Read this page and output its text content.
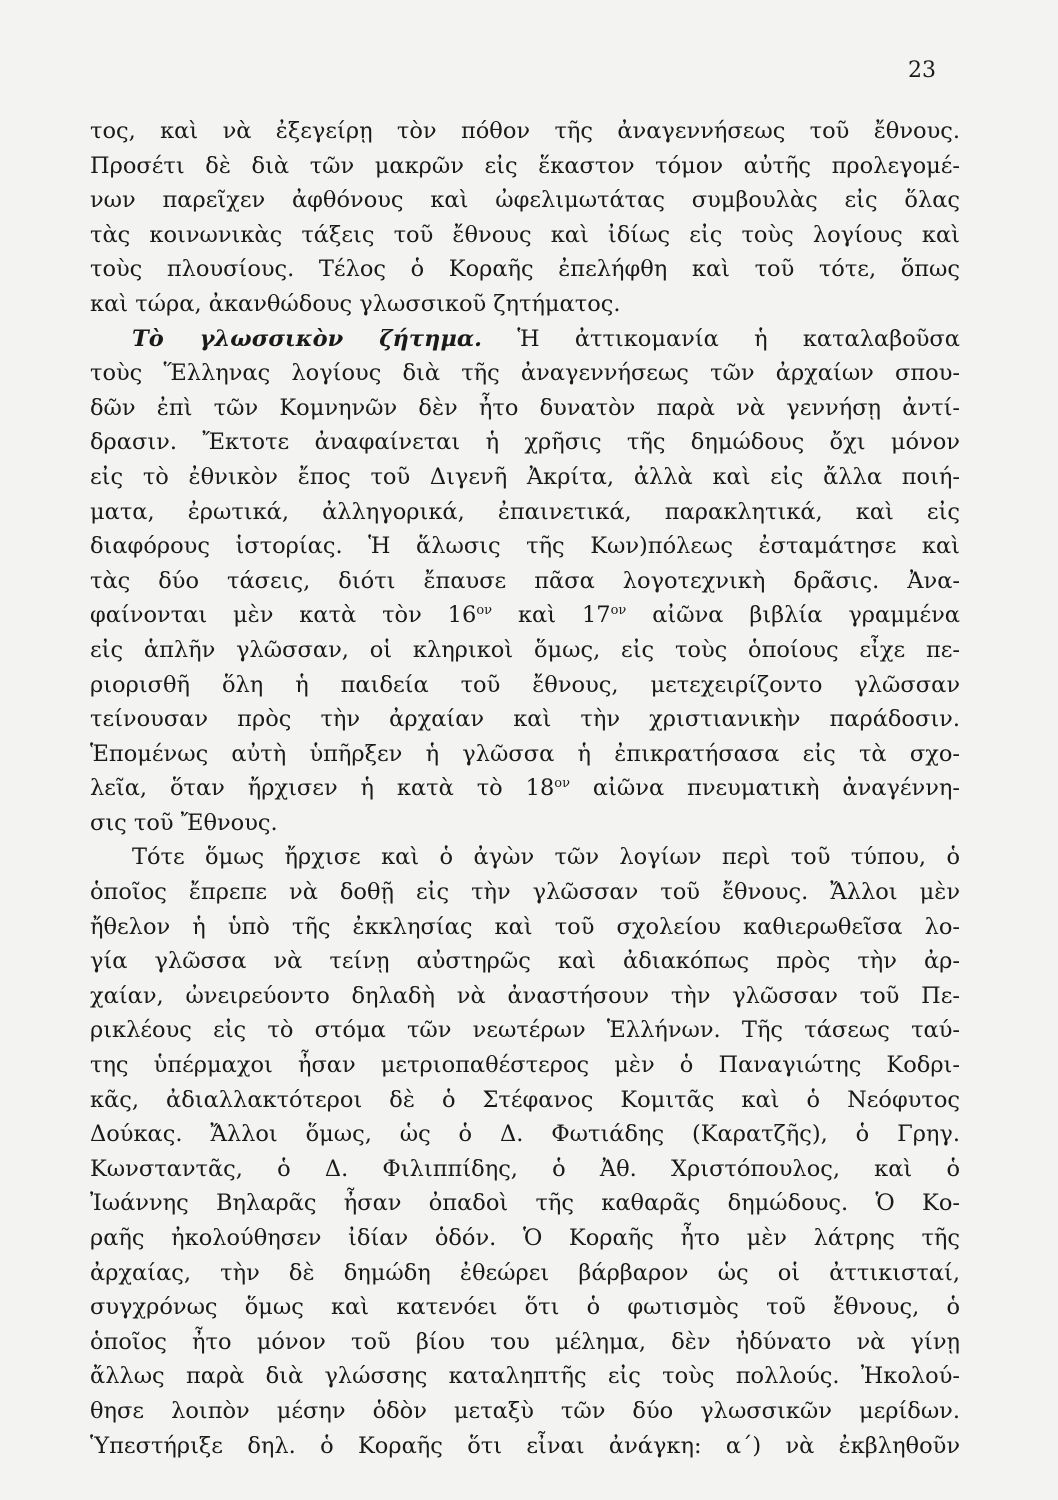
23
τος, καὶ νὰ ἐξεγείρῃ τὸν πόθον τῆς ἀναγεννήσεως τοῦ ἔθνους.
Προσέτι δὲ διὰ τῶν μακρῶν εἰς ἕκαστον τόμον αὐτῆς προλεγομέ-
νων παρεῖχεν ἀφθόνους καὶ ὠφελιμωτάτας συμβουλὰς εἰς ὅλας
τὰς κοινωνικὰς τάξεις τοῦ ἔθνους καὶ ἰδίως εἰς τοὺς λογίους καὶ
τοὺς πλουσίους. Τέλος ὁ Κοραῆς ἐπελήφθη καὶ τοῦ τότε, ὅπως
καὶ τώρα, ἀκανθώδους γλωσσικοῦ ζητήματος.
Τὸ γλωσσικὸν ζήτημα. Ἡ ἀττικομανία ἡ καταλαβοῦσα
τοὺς Ἕλληνας λογίους διὰ τῆς ἀναγεννήσεως τῶν ἀρχαίων σπου-
δῶν ἐπὶ τῶν Κομνηνῶν δὲν ἦτο δυνατὸν παρὰ νὰ γεννήσῃ ἀντί-
δρασιν. Ἔκτοτε ἀναφαίνεται ἡ χρῆσις τῆς δημώδους ὄχι μόνον
εἰς τὸ ἐθνικὸν ἔπος τοῦ Διγενῆ Ἀκρίτα, ἀλλὰ καὶ εἰς ἄλλα ποιή-
ματα, ἐρωτικά, ἀλληγορικά, ἐπαινετικά, παρακλητικά, καὶ εἰς
διαφόρους ἱστορίας. Ἡ ἅλωσις τῆς Κων)πόλεως ἐσταμάτησε καὶ
τὰς δύο τάσεις, διότι ἔπαυσε πᾶσα λογοτεχνικὴ δρᾶσις. Ἀνα-
φαίνονται μὲν κατὰ τὸν $16^{o\nu}$ καὶ $17^{o\nu}$ αἰῶνα βιβλία γραμμένα
εἰς ἁπλῆν γλῶσσαν, οἱ κληρικοὶ ὅμως, εἰς τοὺς ὁποίους εἶχε πε-
ριορισθῆ ὅλη ἡ παιδεία τοῦ ἔθνους, μετεχειρίζοντο γλῶσσαν
τείνουσαν πρὸς τὴν ἀρχαίαν καὶ τὴν χριστιανικὴν παράδοσιν.
Ἑπομένως αὐτὴ ὑπῆρξεν ἡ γλῶσσα ἡ ἐπικρατήσασα εἰς τὰ σχο-
λεῖα, ὅταν ἤρχισεν ἡ κατὰ τὸ $18^{o\nu}$ αἰῶνα πνευματικὴ ἀναγέννη-
σις τοῦ Ἔθνους.
Τότε ὅμως ἤρχισε καὶ ὁ ἀγὼν τῶν λογίων περὶ τοῦ τύπου, ὁ
ὁποῖος ἔπρεπε νὰ δοθῇ εἰς τὴν γλῶσσαν τοῦ ἔθνους. Ἄλλοι μὲν
ἤθελον ἡ ὑπὸ τῆς ἐκκλησίας καὶ τοῦ σχολείου καθιερωθεῖσα λο-
γία γλῶσσα νὰ τείνῃ αὐστηρῶς καὶ ἀδιακόπως πρὸς τὴν ἀρ-
χαίαν, ὠνειρεύοντο δηλαδὴ νὰ ἀναστήσουν τὴν γλῶσσαν τοῦ Πε-
ρικλέους εἰς τὸ στόμα τῶν νεωτέρων Ἑλλήνων. Τῆς τάσεως ταύ-
της ὑπέρμαχοι ἦσαν μετριοπαθέστερος μὲν ὁ Παναγιώτης Κοδρι-
κᾶς, ἀδιαλλακτότεροι δὲ ὁ Στέφανος Κομιτᾶς καὶ ὁ Νεόφυτος
Δούκας. Ἄλλοι ὅμως, ὡς ὁ Δ. Φωτιάδης (Καρατζῆς), ὁ Γρηγ.
Κωνσταντᾶς, ὁ Δ. Φιλιππίδης, ὁ Ἀθ. Χριστόπουλος, καὶ ὁ
Ἰωάννης Βηλαρᾶς ἦσαν ὀπαδοὶ τῆς καθαρᾶς δημώδους. Ὁ Κο-
ραῆς ἠκολούθησεν ἰδίαν ὁδόν. Ὁ Κοραῆς ἦτο μὲν λάτρης τῆς
ἀρχαίας, τὴν δὲ δημώδη ἐθεώρει βάρβαρον ὡς οἱ ἀττικισταί,
συγχρόνως ὅμως καὶ κατενόει ὅτι ὁ φωτισμὸς τοῦ ἔθνους, ὁ
ὁποῖος ἦτο μόνον τοῦ βίου του μέλημα, δὲν ἠδύνατο νὰ γίνῃ
ἄλλως παρὰ διὰ γλώσσης καταληπτῆς εἰς τοὺς πολλούς. Ἠκολού-
θησε λοιπὸν μέσην ὁδὸν μεταξὺ τῶν δύο γλωσσικῶν μερίδων.
Ὑπεστήριξε δηλ. ὁ Κοραῆς ὅτι εἶναι ἀνάγκη: α΄) νὰ ἐκβληθοῦν
